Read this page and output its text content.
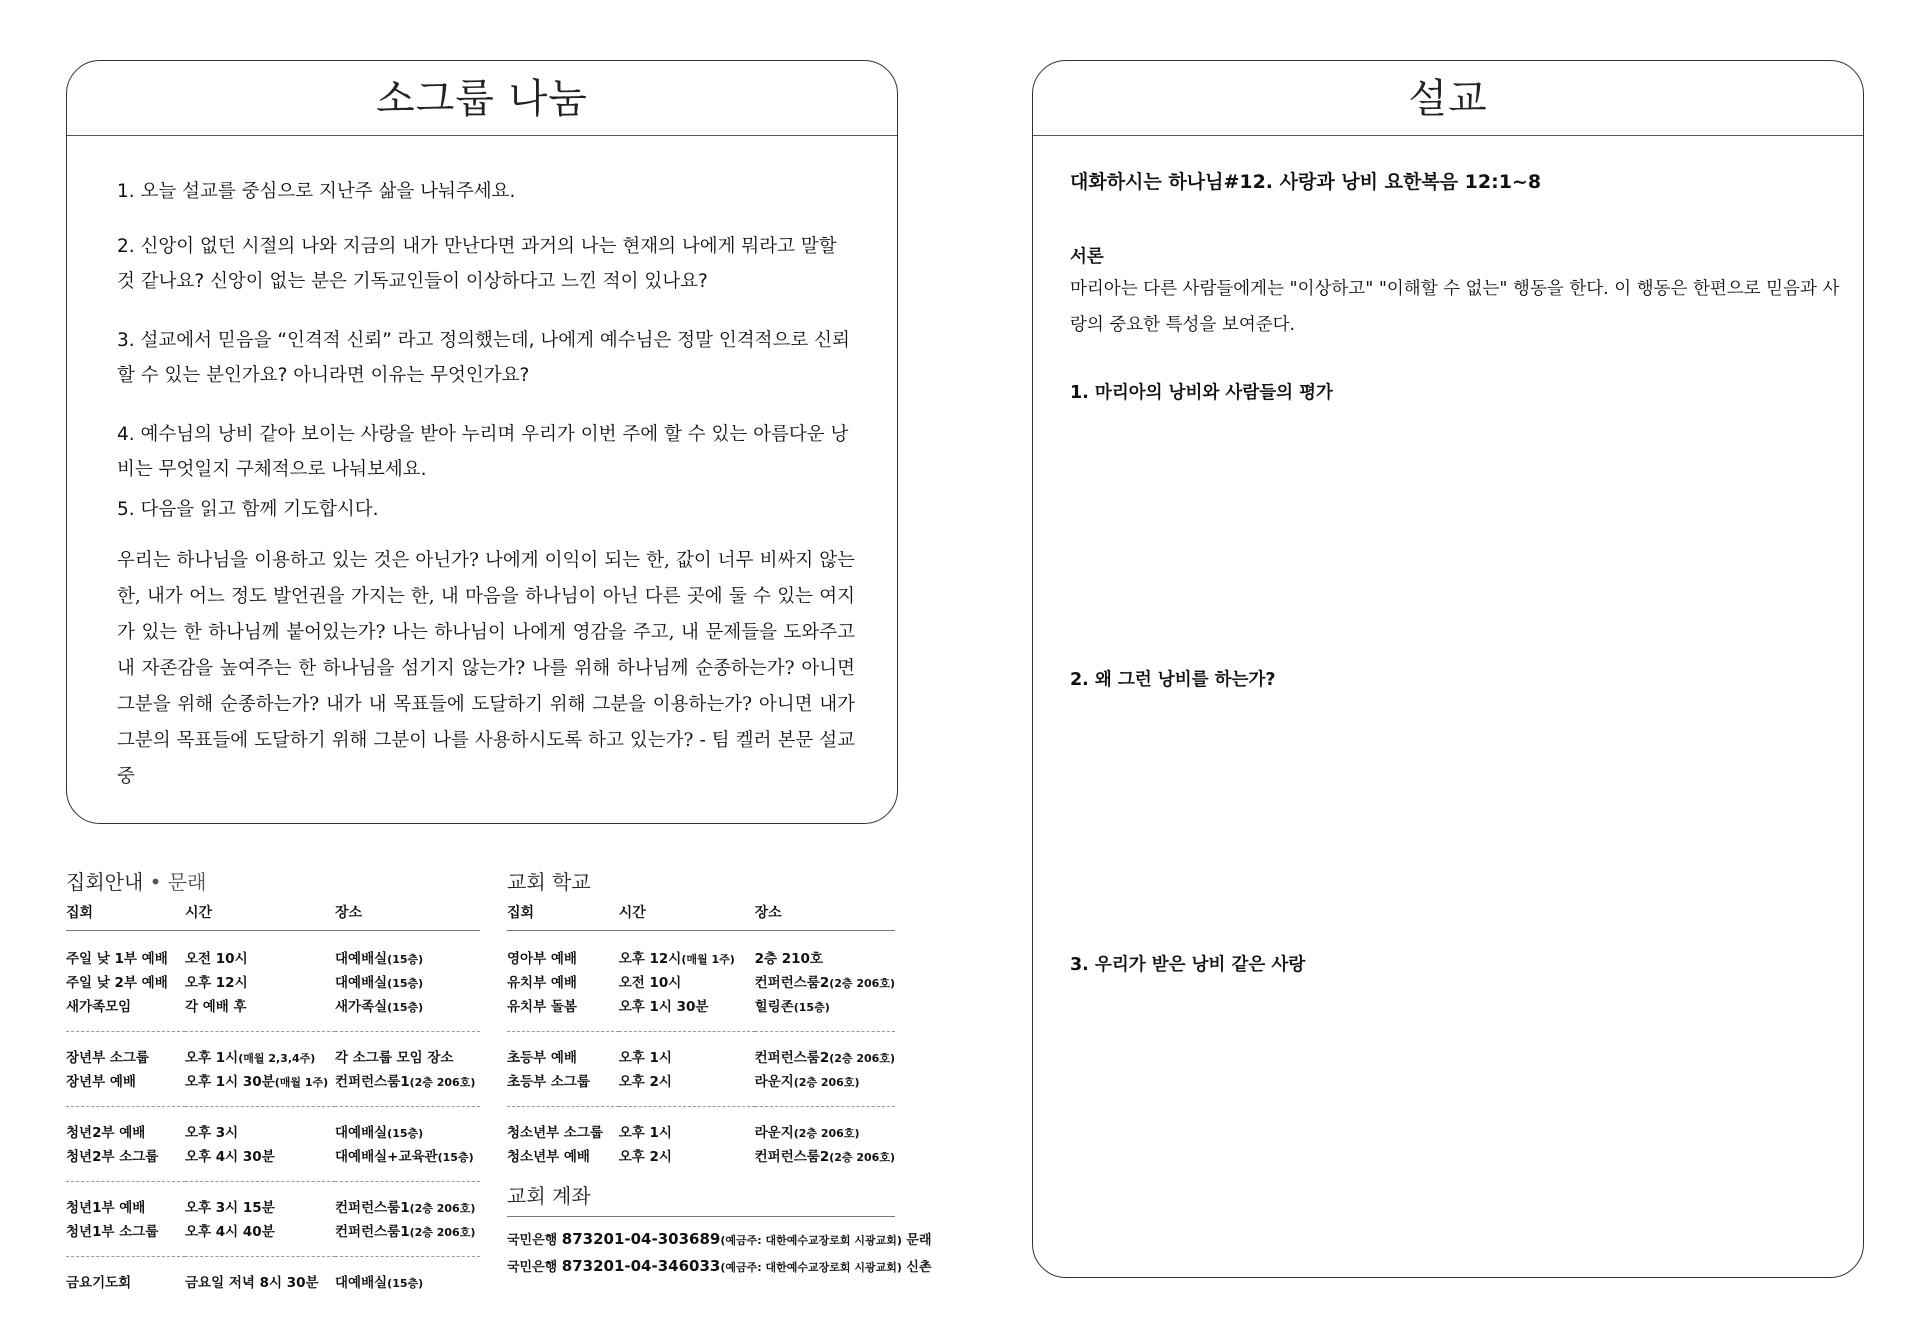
소그룹 나눔
1. 오늘 설교를 중심으로 지난주 삶을 나눠주세요.
2. 신앙이 없던 시절의 나와 지금의 내가 만난다면 과거의 나는 현재의 나에게 뭐라고 말할 것 같나요? 신앙이 없는 분은 기독교인들이 이상하다고 느낀 적이 있나요?
3. 설교에서 믿음을 “인격적 신뢰” 라고 정의했는데, 나에게 예수님은 정말 인격적으로 신뢰할 수 있는 분인가요? 아니라면 이유는 무엇인가요?
4. 예수님의 낭비 같아 보이는 사랑을 받아 누리며 우리가 이번 주에 할 수 있는 아름다운 낭비는 무엇일지 구체적으로 나눠보세요.
5. 다음을 읽고 함께 기도합시다.
우리는 하나님을 이용하고 있는 것은 아닌가? 나에게 이익이 되는 한, 값이 너무 비싸지 않는 한, 내가 어느 정도 발언권을 가지는 한, 내 마음을 하나님이 아닌 다른 곳에 둘 수 있는 여지가 있는 한 하나님께 붙어있는가? 나는 하나님이 나에게 영감을 주고, 내 문제들을 도와주고 내 자존감을 높여주는 한 하나님을 섬기지 않는가? 나를 위해 하나님께 순종하는가? 아니면 그분을 위해 순종하는가? 내가 내 목표들에 도달하기 위해 그분을 이용하는가? 아니면 내가 그분의 목표들에 도달하기 위해 그분이 나를 사용하시도록 하고 있는가? - 팀 켈러 본문 설교 중
설교
대화하시는 하나님#12. 사랑과 낭비 요한복음 12:1~8
서론
마리아는 다른 사람들에게는 "이상하고" "이해할 수 없는" 행동을 한다. 이 행동은 한편으로 믿음과 사랑의 중요한 특성을 보여준다.
1. 마리아의 낭비와 사람들의 평가
2. 왜 그런 낭비를 하는가?
3. 우리가 받은 낭비 같은 사랑
집회안내 • 문래
집회	시간	장소

주일 낮 1부 예배	오전 10시	대예배실(15층)
주일 낮 2부 예배	오후 12시	대예배실(15층)
새가족모임	각 예배 후	새가족실(15층)

장년부 소그룹	오후 1시(매월 2,3,4주)	각 소그룹 모임 장소
장년부 예배	오후 1시 30분(매월 1주)	컨퍼런스룸1(2층 206호)

청년2부 예배	오후 3시	대예배실(15층)
청년2부 소그룹	오후 4시 30분	대예배실+교육관(15층)

청년1부 예배	오후 3시 15분	컨퍼런스룸1(2층 206호)
청년1부 소그룹	오후 4시 40분	컨퍼런스룸1(2층 206호)

금요기도회	금요일 저녁 8시 30분	대예배실(15층)
교회 학교
집회	시간	장소

영아부 예배	오후 12시(매월 1주)	2층 210호
유치부 예배	오전 10시	컨퍼런스룸2(2층 206호)
유치부 돌봄	오후 1시 30분	힐링존(15층)

초등부 예배	오후 1시	컨퍼런스룸2(2층 206호)
초등부 소그룹	오후 2시	라운지(2층 206호)

청소년부 소그룹	오후 1시	라운지(2층 206호)
청소년부 예배	오후 2시	컨퍼런스룸2(2층 206호)
교회 계좌
국민은행 873201-04-303689(예금주: 대한예수교장로회 시광교회) 문래
국민은행 873201-04-346033(예금주: 대한예수교장로회 시광교회) 신촌
